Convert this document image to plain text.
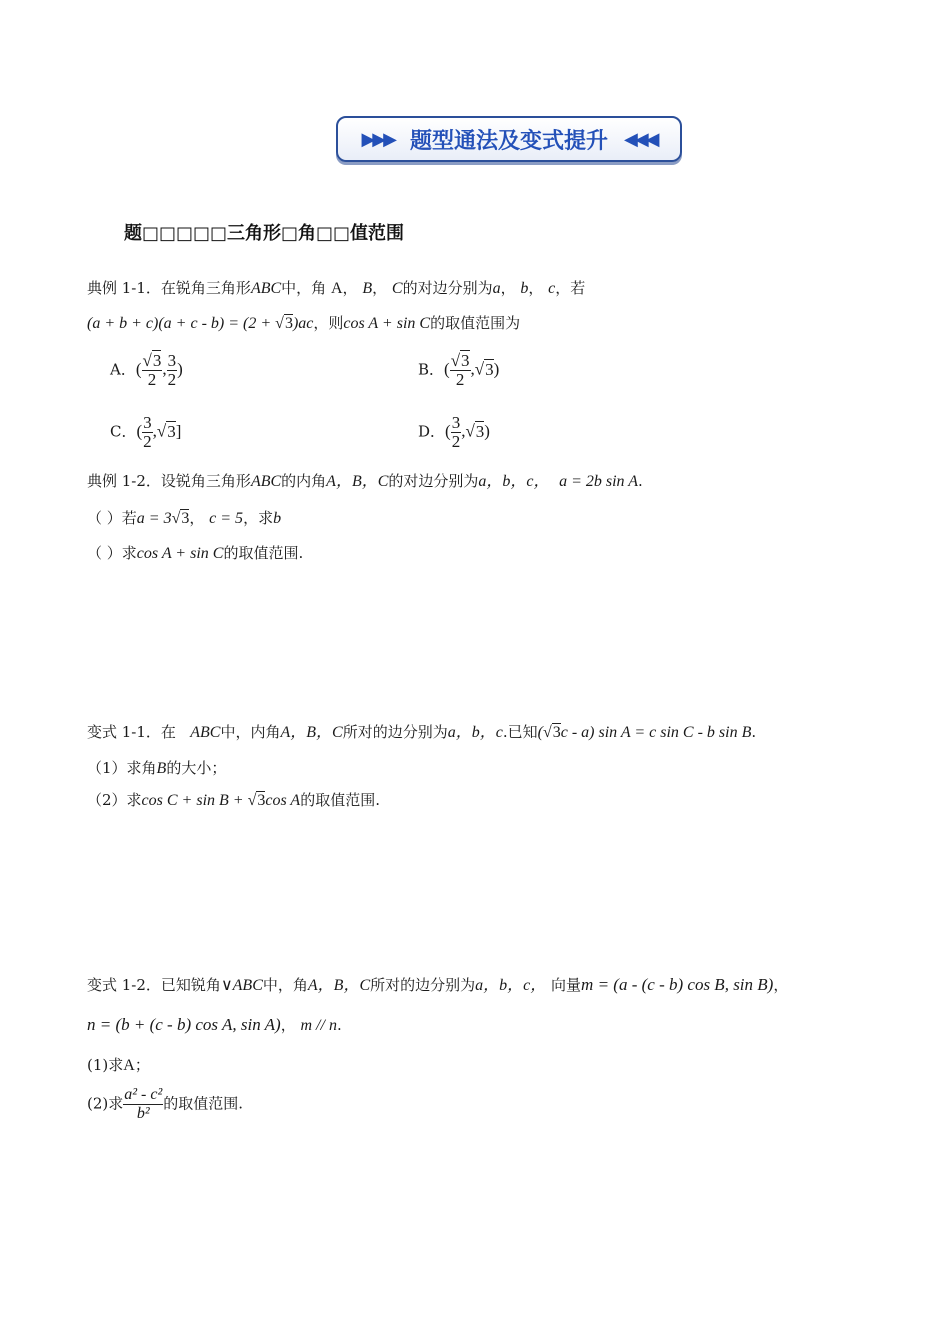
▶▶▶ 题型通法及变式提升 ◀◀◀
题□□□□□三角形□角□□值范围
典例 1-1．在锐角三角形ABC中，角 A， B， C的对边分别为a， b， c，若
(a + b + c)(a + c - b) = (2 + √3)ac，则cos A + sin C的取值范围为
A．( $\frac{√3}{2}$ , $\frac{3}{2}$ )	B．( $\frac{√3}{2} ,√3$)
C．( $\frac{3}{2} ,√3$]	D．( $\frac{3}{2} ,√3$)
典例 1-2．设锐角三角形ABC的内角A，B，C的对边分别为a，b，c， a = 2b sin A.
（ ）若a = 3√3， c = 5，求b
（ ）求cos A + sin C的取值范围.
变式 1-1．在 ABC中，内角A，B，C所对的边分别为a，b，c.已知(√3c - a) sin A = c sin C - b sin B.
（1）求角B的大小；
（2）求cos C + sin B + √3cos A的取值范围.
变式 1-2．已知锐角∨ABC中，角A，B，C所对的边分别为a，b，c， 向量m = (a - (c - b) cos B, sin B)，
n = (b + (c - b) cos A, sin A)， m // n.
(1)求A；
(2)求 $\frac{\text{a² - c²}}{\text{b²}}$ 的取值范围.
